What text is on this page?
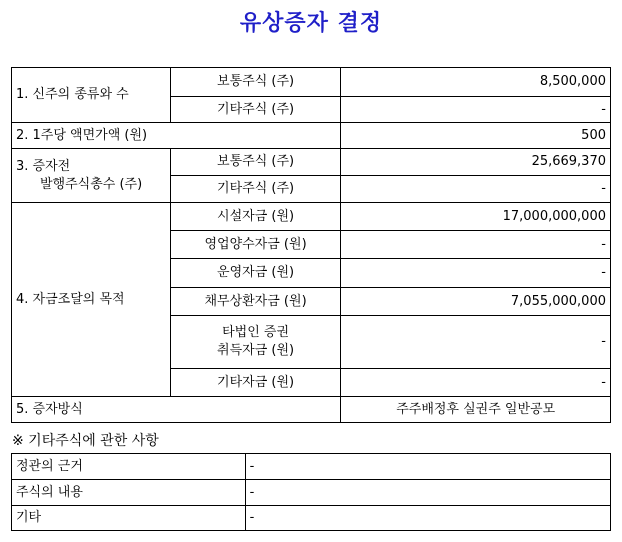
유상증자 결정
1. 신주의 종류와 수	보통주식 (주)	8,500,000
	기타주식 (주)	-
2. 1주당 액면가액 (원)		500

3. 증자전
발행주식총수 (주)	보통주식 (주)	25,669,370
	기타주식 (주)	-
4. 자금조달의 목적	시설자금 (원)	17,000,000,000
	영업양수자금 (원)	-
	운영자금 (원)	-
	채무상환자금 (원)	7,055,000,000

	타법인 증권
취득자금 (원)	-
	기타자금 (원)	-
5. 증자방식		주주배정후 실권주 일반공모
※ 기타주식에 관한 사항
정관의 근거	-
주식의 내용	-
기타	-
